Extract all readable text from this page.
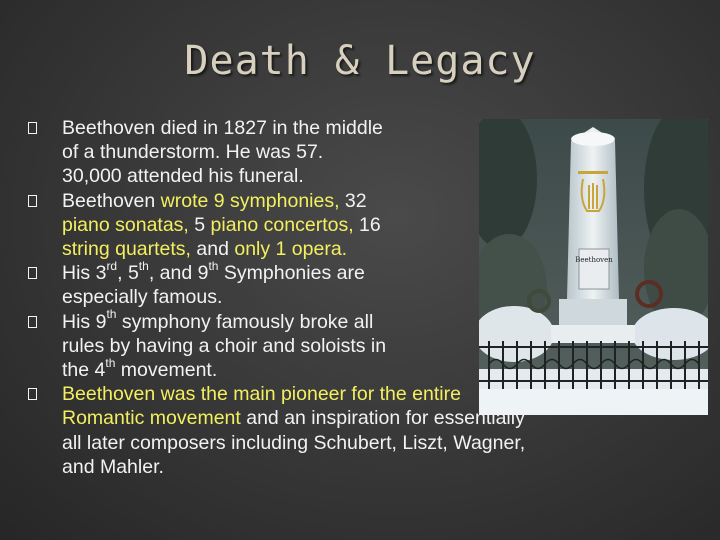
Death & Legacy
Beethoven
Beethoven died in 1827 in the middle
of a thunderstorm. He was 57.
30,000 attended his funeral.
Beethoven wrote 9 symphonies, 32
piano sonatas, 5 piano concertos, 16
string quartets, and only 1 opera.
His 3rd, 5th, and 9th Symphonies are
especially famous.
His 9th symphony famously broke all
rules by having a choir and soloists in
the 4th movement.
Beethoven was the main pioneer for the entire
Romantic movement and an inspiration for essentially
all later composers including Schubert, Liszt, Wagner,
and Mahler.
